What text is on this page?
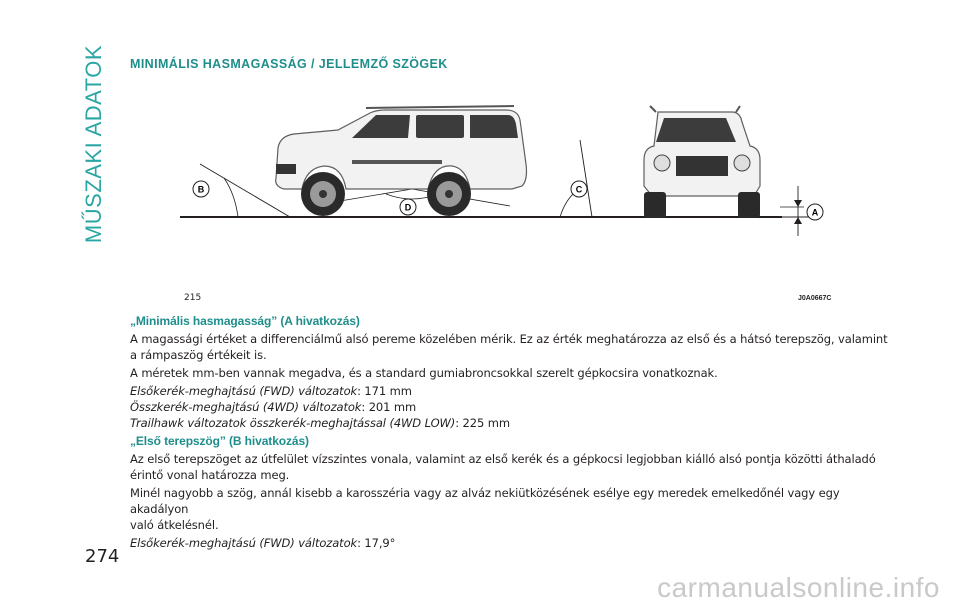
MŰSZAKI ADATOK MINIMÁLIS HASMAGASSÁG / JELLEMZŐ SZÖGEK
B	C
D	A
215	J0A0667C

„Minimális hasmagasság” (A hivatkozás)

A magassági értéket a differenciálmű alsó pereme közelében mérik. Ez az érték meghatározza az első és a hátsó terepszög, valamint

a rámpaszög értékeit is.

A méretek mm-ben vannak megadva, és a standard gumiabroncsokkal szerelt gépkocsira vonatkoznak.

Elsőkerék-meghajtású (FWD) változatok: 171 mm

Összkerék-meghajtású (4WD) változatok: 201 mm

Trailhawk változatok összkerék-meghajtással (4WD LOW): 225 mm

„Első terepszög” (B hivatkozás)

Az első terepszöget az útfelület vízszintes vonala, valamint az első kerék és a gépkocsi legjobban kiálló alsó pontja közötti áthaladó

érintő vonal határozza meg.

Minél nagyobb a szög, annál kisebb a karosszéria vagy az alváz nekiütközésének esélye egy meredek emelkedőnél vagy egy akadályon

való átkelésnél.

Elsőkerék-meghajtású (FWD) változatok: 17,9°

274
carmanualsonline.info
